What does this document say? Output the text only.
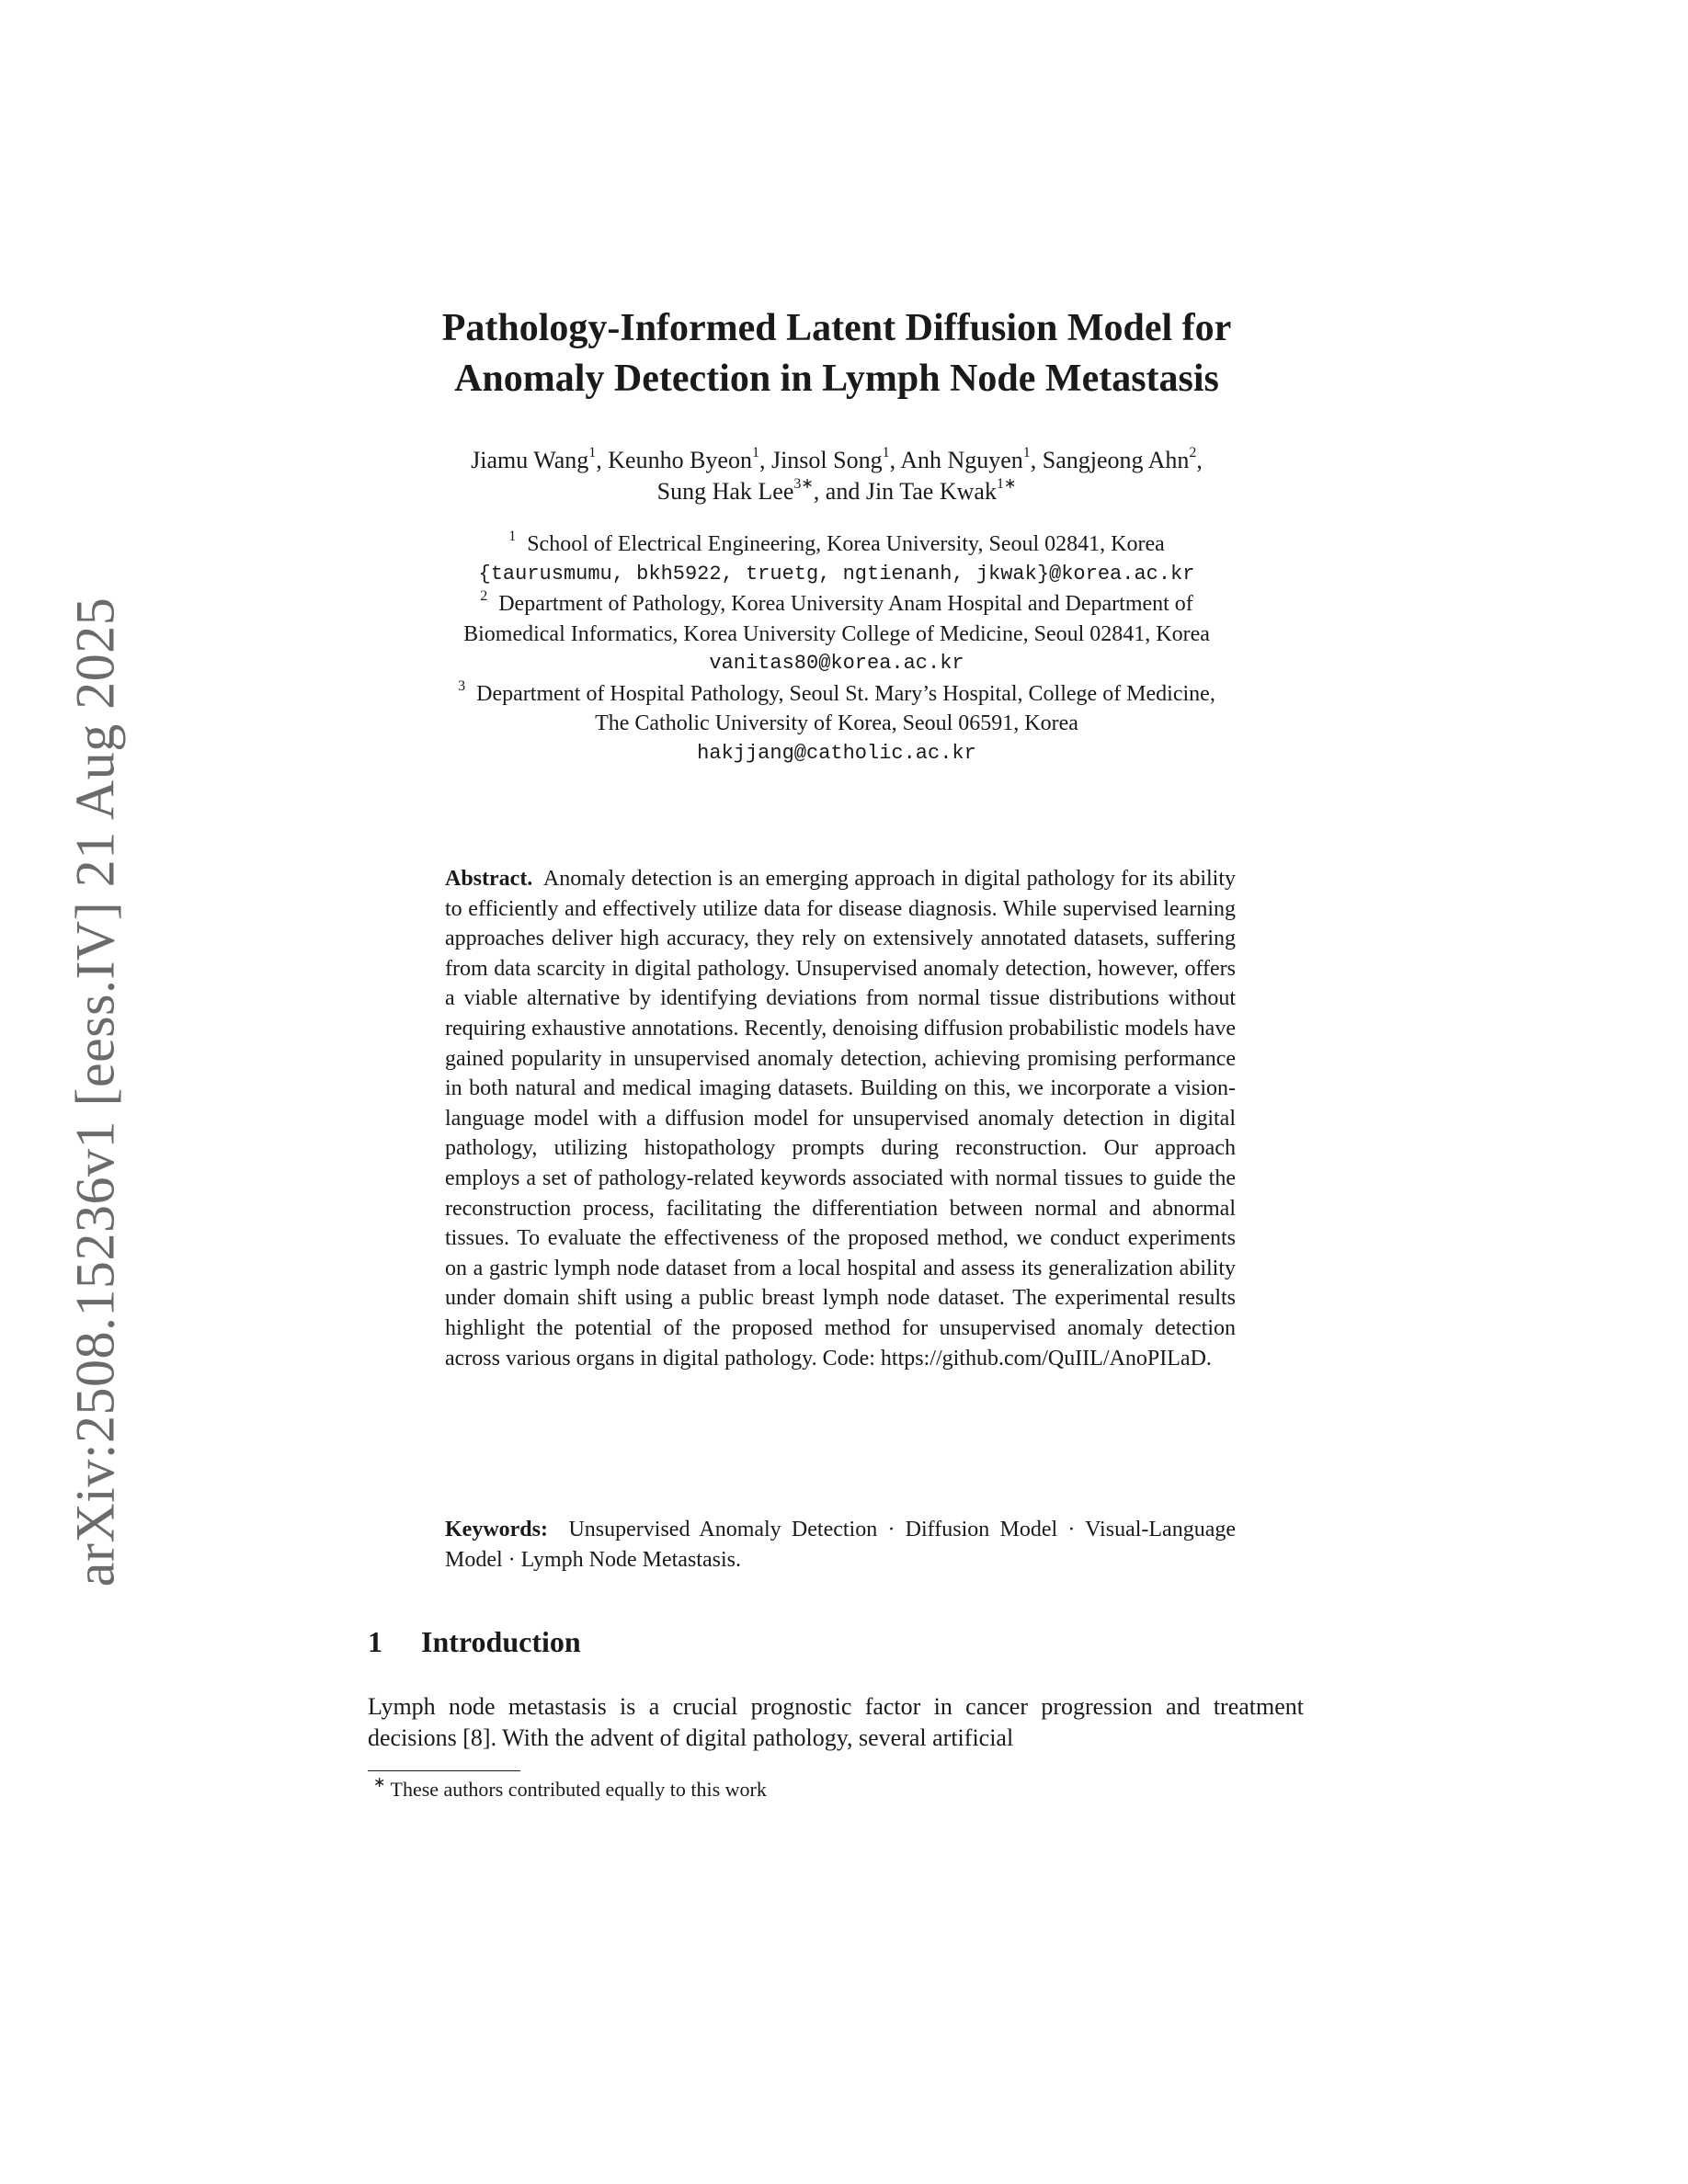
arXiv:2508.15236v1 [eess.IV] 21 Aug 2025
Pathology-Informed Latent Diffusion Model for
Anomaly Detection in Lymph Node Metastasis
Jiamu Wang$^1$, Keunho Byeon$^1$, Jinsol Song$^1$, Anh Nguyen$^1$, Sangjeong Ahn$^2$,
Sung Hak Lee$^{3∗}$, and Jin Tae Kwak$^{1∗}$
$^1$ School of Electrical Engineering, Korea University, Seoul 02841, Korea
{taurusmumu, bkh5922, truetg, ngtienanh, jkwak}@korea.ac.kr
$^2$ Department of Pathology, Korea University Anam Hospital and Department of
Biomedical Informatics, Korea University College of Medicine, Seoul 02841, Korea
vanitas80@korea.ac.kr
$^3$ Department of Hospital Pathology, Seoul St. Mary’s Hospital, College of Medicine,
The Catholic University of Korea, Seoul 06591, Korea
hakjjang@catholic.ac.kr
Abstract. Anomaly detection is an emerging approach in digital pathology for its ability to efficiently and effectively utilize data for disease diagnosis. While supervised learning approaches deliver high accuracy, they rely on extensively annotated datasets, suffering from data scarcity in digital pathology. Unsupervised anomaly detection, however, offers a viable alternative by identifying deviations from normal tissue distributions without requiring exhaustive annotations. Recently, denoising diffusion probabilistic models have gained popularity in unsupervised anomaly detection, achieving promising performance in both natural and medical imaging datasets. Building on this, we incorporate a vision-language model with a diffusion model for unsupervised anomaly detection in digital pathology, utilizing histopathology prompts during reconstruction. Our approach employs a set of pathology-related keywords associated with normal tissues to guide the reconstruction process, facilitating the differentiation between normal and abnormal tissues. To evaluate the effectiveness of the proposed method, we conduct experiments on a gastric lymph node dataset from a local hospital and assess its generalization ability under domain shift using a public breast lymph node dataset. The experimental results highlight the potential of the proposed method for unsupervised anomaly detection across various organs in digital pathology. Code: https://github.com/QuIIL/AnoPILaD.
Keywords: Unsupervised Anomaly Detection · Diffusion Model · Visual-Language Model · Lymph Node Metastasis.
1 Introduction
Lymph node metastasis is a crucial prognostic factor in cancer progression and treatment decisions [8]. With the advent of digital pathology, several artificial
∗ These authors contributed equally to this work
